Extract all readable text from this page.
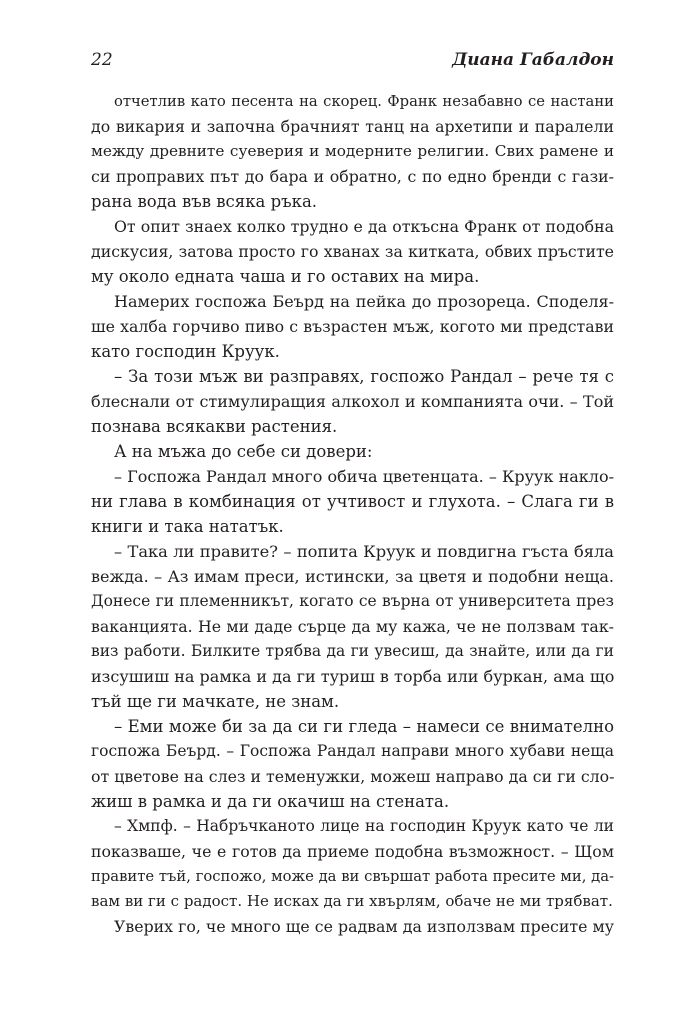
22	Диана Габалдон
отчетлив като песента на скорец. Франк незабавно се настани
до викария и започна брачният танц на архетипи и паралели
между древните суеверия и модерните религии. Свих рамене и
си проправих път до бара и обратно, с по едно бренди с гази-
рана вода във всяка ръка.
От опит знаех колко трудно е да откъсна Франк от подобна
дискусия, затова просто го хванах за китката, обвих пръстите
му около едната чаша и го оставих на мира.
Намерих госпожа Беърд на пейка до прозореца. Споделя-
ше халба горчиво пиво с възрастен мъж, когото ми представи
като господин Круук.
– За този мъж ви разправях, госпожо Рандал – рече тя с
блеснали от стимулиращия алкохол и компанията очи. – Той
познава всякакви растения.
А на мъжа до себе си довери:
– Госпожа Рандал много обича цветенцата. – Круук накло-
ни глава в комбинация от учтивост и глухота. – Слага ги в
книги и така нататък.
– Така ли правите? – попита Круук и повдигна гъста бяла
вежда. – Аз имам преси, истински, за цветя и подобни неща.
Донесе ги племенникът, когато се върна от университета през
ваканцията. Не ми даде сърце да му кажа, че не ползвам так-
виз работи. Билките трябва да ги увесиш, да знайте, или да ги
изсушиш на рамка и да ги туриш в торба или буркан, ама що
тъй ще ги мачкате, не знам.
– Еми може би за да си ги гледа – намеси се внимателно
госпожа Беърд. – Госпожа Рандал направи много хубави неща
от цветове на слез и теменужки, можеш направо да си ги сло-
жиш в рамка и да ги окачиш на стената.
– Хмпф. – Набръчканото лице на господин Круук като че ли
показваше, че е готов да приеме подобна възможност. – Щом
правите тъй, госпожо, може да ви свършат работа пресите ми, да-
вам ви ги с радост. Не исках да ги хвърлям, обаче не ми трябват.
Уверих го, че много ще се радвам да използвам пресите му
